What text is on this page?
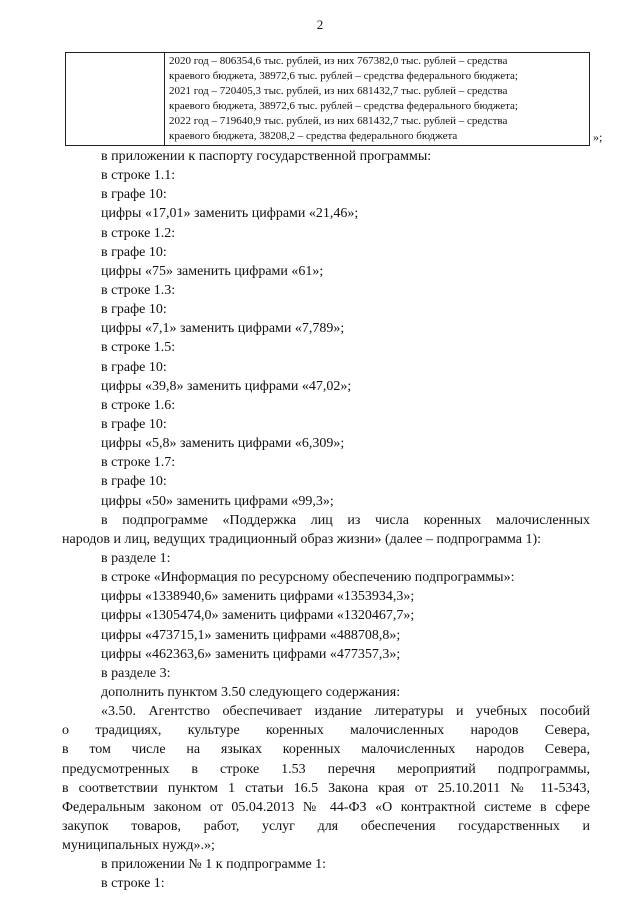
2

2020 год – 806354,6 тыс. рублей, из них 767382,0 тыс. рублей – средства
краевого бюджета, 38972,6 тыс. рублей – средства федерального бюджета;
2021 год – 720405,3 тыс. рублей, из них 681432,7 тыс. рублей – средства
краевого бюджета, 38972,6 тыс. рублей – средства федерального бюджета;
2022 год – 719640,9 тыс. рублей, из них 681432,7 тыс. рублей – средства
краевого бюджета, 38208,2 – средства федерального бюджета	»;
в приложении к паспорту государственной программы:
в строке 1.1:
в графе 10:
цифры «17,01» заменить цифрами «21,46»;
в строке 1.2:
в графе 10:
цифры «75» заменить цифрами «61»;
в строке 1.3:
в графе 10:
цифры «7,1» заменить цифрами «7,789»;
в строке 1.5:
в графе 10:
цифры «39,8» заменить цифрами «47,02»;
в строке 1.6:
в графе 10:
цифры «5,8» заменить цифрами «6,309»;
в строке 1.7:
в графе 10:
цифры «50» заменить цифрами «99,3»;
в подпрограмме «Поддержка лиц из числа коренных малочисленных
народов и лиц, ведущих традиционный образ жизни» (далее – подпрограмма 1):
в разделе 1:
в строке «Информация по ресурсному обеспечению подпрограммы»:
цифры «1338940,6» заменить цифрами «1353934,3»;
цифры «1305474,0» заменить цифрами «1320467,7»;
цифры «473715,1» заменить цифрами «488708,8»;
цифры «462363,6» заменить цифрами «477357,3»;
в разделе 3:
дополнить пунктом 3.50 следующего содержания:
«3.50. Агентство обеспечивает издание литературы и учебных пособий
о традициях, культуре коренных малочисленных народов Севера,
в том числе на языках коренных малочисленных народов Севера,
предусмотренных в строке 1.53 перечня мероприятий подпрограммы,
в соответствии пунктом 1 статьи 16.5 Закона края от 25.10.2011 № 11-5343,
Федеральным законом от 05.04.2013 № 44-ФЗ «О контрактной системе в сфере
закупок товаров, работ, услуг для обеспечения государственных и
муниципальных нужд».»;
в приложении № 1 к подпрограмме 1:
в строке 1:
